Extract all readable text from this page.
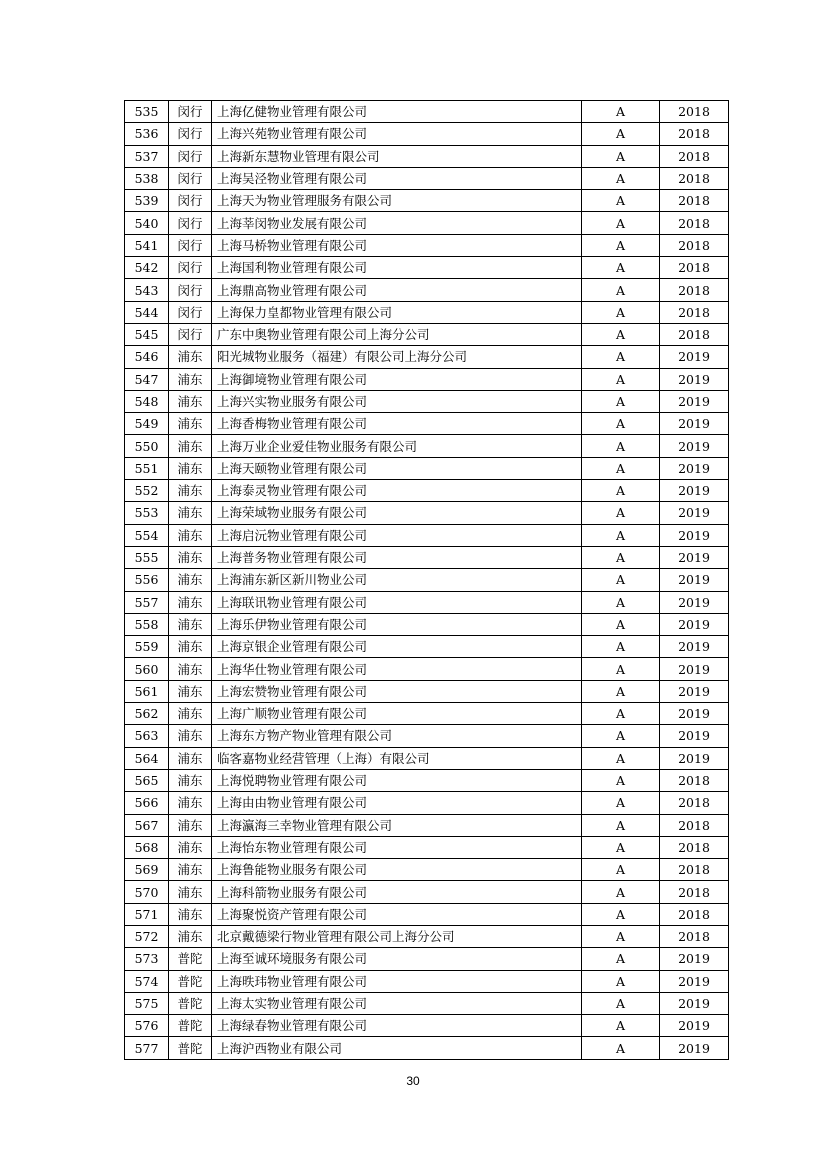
535	闵行	上海亿健物业管理有限公司	A	2018
536	闵行	上海兴苑物业管理有限公司	A	2018
537	闵行	上海新东慧物业管理有限公司	A	2018
538	闵行	上海吴泾物业管理有限公司	A	2018
539	闵行	上海天为物业管理服务有限公司	A	2018
540	闵行	上海莘闵物业发展有限公司	A	2018
541	闵行	上海马桥物业管理有限公司	A	2018
542	闵行	上海国利物业管理有限公司	A	2018
543	闵行	上海鼎高物业管理有限公司	A	2018
544	闵行	上海保力皇都物业管理有限公司	A	2018
545	闵行	广东中奥物业管理有限公司上海分公司	A	2018
546	浦东	阳光城物业服务（福建）有限公司上海分公司	A	2019
547	浦东	上海御境物业管理有限公司	A	2019
548	浦东	上海兴实物业服务有限公司	A	2019
549	浦东	上海香梅物业管理有限公司	A	2019
550	浦东	上海万业企业爱佳物业服务有限公司	A	2019
551	浦东	上海天颐物业管理有限公司	A	2019
552	浦东	上海泰灵物业管理有限公司	A	2019
553	浦东	上海荣域物业服务有限公司	A	2019
554	浦东	上海启沅物业管理有限公司	A	2019
555	浦东	上海普务物业管理有限公司	A	2019
556	浦东	上海浦东新区新川物业公司	A	2019
557	浦东	上海联讯物业管理有限公司	A	2019
558	浦东	上海乐伊物业管理有限公司	A	2019
559	浦东	上海京银企业管理有限公司	A	2019
560	浦东	上海华仕物业管理有限公司	A	2019
561	浦东	上海宏赞物业管理有限公司	A	2019
562	浦东	上海广顺物业管理有限公司	A	2019
563	浦东	上海东方物产物业管理有限公司	A	2019
564	浦东	临客嘉物业经营管理（上海）有限公司	A	2019
565	浦东	上海悦聘物业管理有限公司	A	2018
566	浦东	上海由由物业管理有限公司	A	2018
567	浦东	上海瀛海三幸物业管理有限公司	A	2018
568	浦东	上海怡东物业管理有限公司	A	2018
569	浦东	上海鲁能物业服务有限公司	A	2018
570	浦东	上海科箭物业服务有限公司	A	2018
571	浦东	上海聚悦资产管理有限公司	A	2018
572	浦东	北京戴德梁行物业管理有限公司上海分公司	A	2018
573	普陀	上海至诚环境服务有限公司	A	2019
574	普陀	上海昳玮物业管理有限公司	A	2019
575	普陀	上海太实物业管理有限公司	A	2019
576	普陀	上海绿春物业管理有限公司	A	2019
577	普陀	上海沪西物业有限公司	A	2019
30
